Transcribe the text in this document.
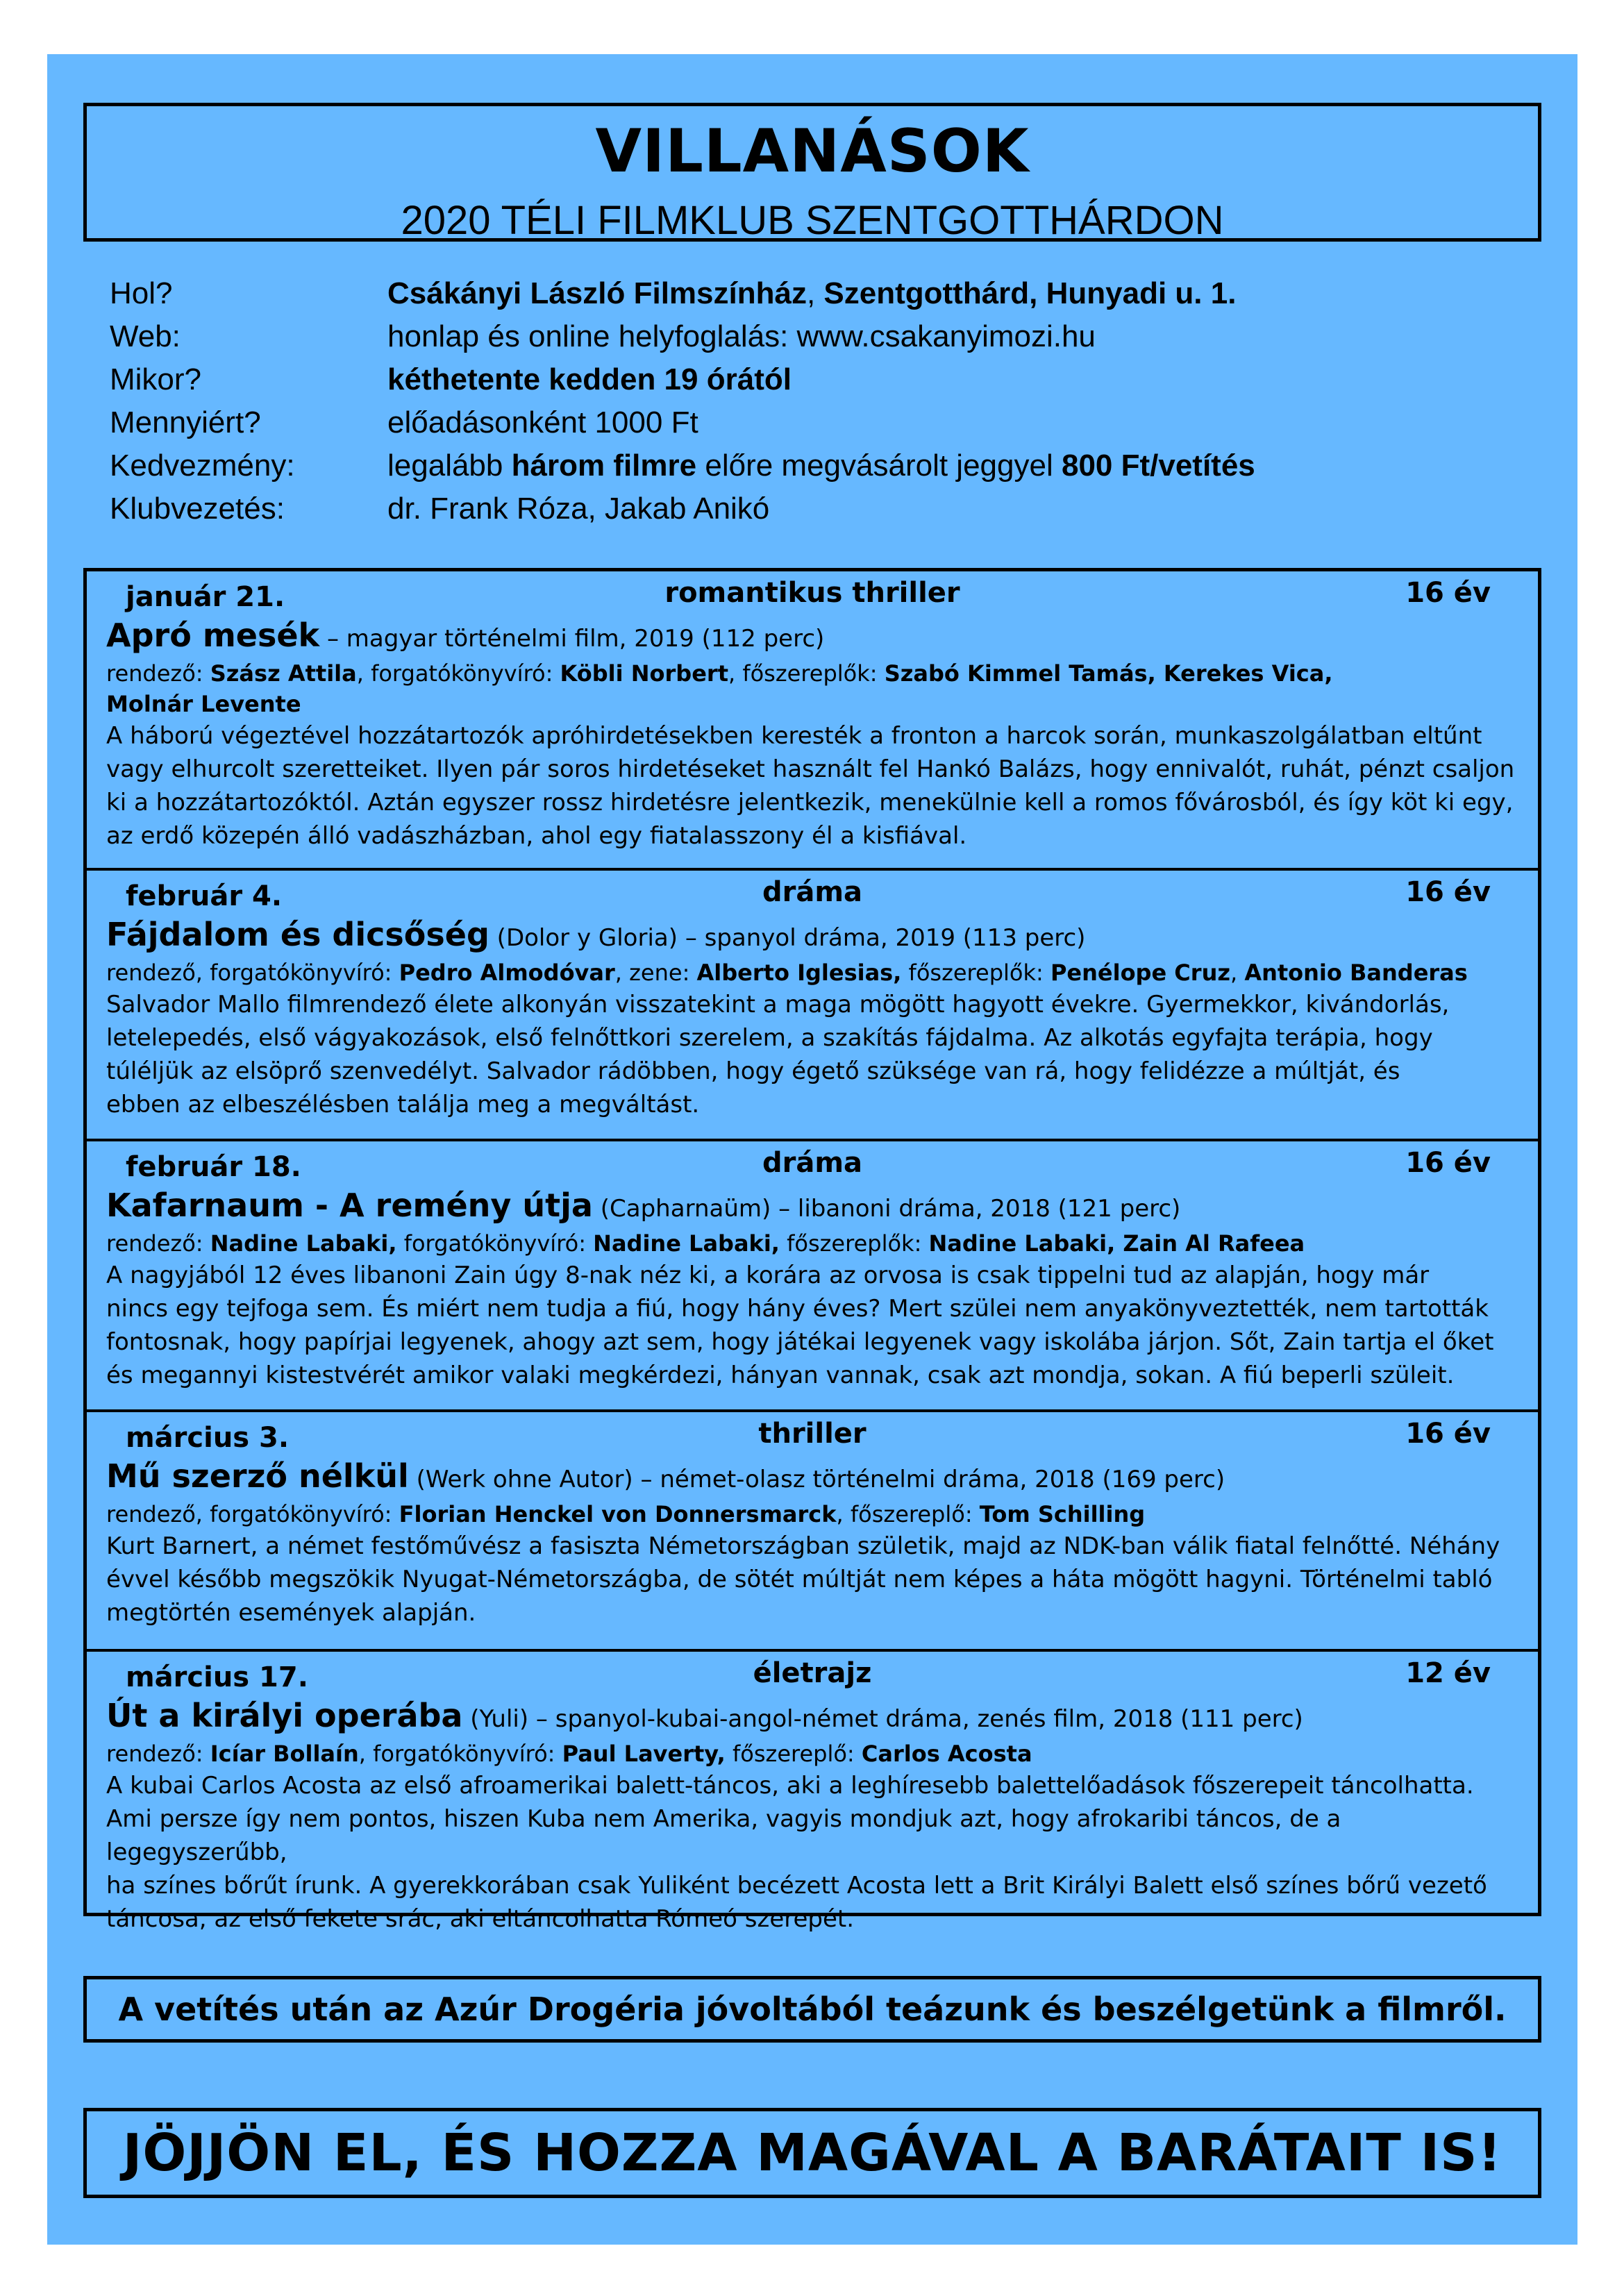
VILLANÁSOK
2020 TÉLI FILMKLUB SZENTGOTTHÁRDON
Hol?	Csákányi László Filmszínház, Szentgotthárd, Hunyadi u. 1.
Web:	honlap és online helyfoglalás: www.csakanyimozi.hu
Mikor?	kéthetente kedden 19 órától
Mennyiért?	előadásonként 1000 Ft
Kedvezmény:	legalább három filmre előre megvásárolt jeggyel 800 Ft/vetítés
Klubvezetés:	dr. Frank Róza, Jakab Anikó
január 21.	romantikus thriller	16 év
Apró mesék – magyar történelmi film, 2019 (112 perc)
rendező: Szász Attila, forgatókönyvíró: Köbli Norbert, főszereplők: Szabó Kimmel Tamás, Kerekes Vica,
Molnár Levente
A háború végeztével hozzátartozók apróhirdetésekben keresték a fronton a harcok során, munkaszolgálatban eltűnt
vagy elhurcolt szeretteiket. Ilyen pár soros hirdetéseket használt fel Hankó Balázs, hogy ennivalót, ruhát, pénzt csaljon
ki a hozzátartozóktól. Aztán egyszer rossz hirdetésre jelentkezik, menekülnie kell a romos fővárosból, és így köt ki egy,
az erdő közepén álló vadászházban, ahol egy fiatalasszony él a kisfiával.
február 4.	dráma	16 év
Fájdalom és dicsőség (Dolor y Gloria) – spanyol dráma, 2019 (113 perc)
rendező, forgatókönyvíró: Pedro Almodóvar, zene: Alberto Iglesias, főszereplők: Penélope Cruz, Antonio Banderas
Salvador Mallo filmrendező élete alkonyán visszatekint a maga mögött hagyott évekre. Gyermekkor, kivándorlás,
letelepedés, első vágyakozások, első felnőttkori szerelem, a szakítás fájdalma. Az alkotás egyfajta terápia, hogy
túléljük az elsöprő szenvedélyt. Salvador rádöbben, hogy égető szüksége van rá, hogy felidézze a múltját, és
ebben az elbeszélésben találja meg a megváltást.
február 18.	dráma	16 év
Kafarnaum - A remény útja (Capharnaüm) – libanoni dráma, 2018 (121 perc)
rendező: Nadine Labaki, forgatókönyvíró: Nadine Labaki, főszereplők: Nadine Labaki, Zain Al Rafeea
A nagyjából 12 éves libanoni Zain úgy 8-nak néz ki, a korára az orvosa is csak tippelni tud az alapján, hogy már
nincs egy tejfoga sem. És miért nem tudja a fiú, hogy hány éves? Mert szülei nem anyakönyveztették, nem tartották
fontosnak, hogy papírjai legyenek, ahogy azt sem, hogy játékai legyenek vagy iskolába járjon. Sőt, Zain tartja el őket
és megannyi kistestvérét amikor valaki megkérdezi, hányan vannak, csak azt mondja, sokan. A fiú beperli szüleit.
március 3.	thriller	16 év
Mű szerző nélkül (Werk ohne Autor) – német-olasz történelmi dráma, 2018 (169 perc)
rendező, forgatókönyvíró: Florian Henckel von Donnersmarck, főszereplő: Tom Schilling
Kurt Barnert, a német festőművész a fasiszta Németországban születik, majd az NDK-ban válik fiatal felnőtté. Néhány
évvel később megszökik Nyugat-Németországba, de sötét múltját nem képes a háta mögött hagyni. Történelmi tabló
megtörtén események alapján.
március 17.	életrajz	12 év
Út a királyi operába (Yuli) – spanyol-kubai-angol-német dráma, zenés film, 2018 (111 perc)
rendező: Icíar Bollaín, forgatókönyvíró: Paul Laverty, főszereplő: Carlos Acosta
A kubai Carlos Acosta az első afroamerikai balett-táncos, aki a leghíresebb balettelőadások főszerepeit táncolhatta.
Ami persze így nem pontos, hiszen Kuba nem Amerika, vagyis mondjuk azt, hogy afrokaribi táncos, de a legegyszerűbb,
ha színes bőrűt írunk. A gyerekkorában csak Yuliként becézett Acosta lett a Brit Királyi Balett első színes bőrű vezető
táncosa, az első fekete srác, aki eltáncolhatta Rómeó szerepét.
A vetítés után az Azúr Drogéria jóvoltából teázunk és beszélgetünk a filmről.
JÖJJÖN EL, ÉS HOZZA MAGÁVAL A BARÁTAIT IS!
